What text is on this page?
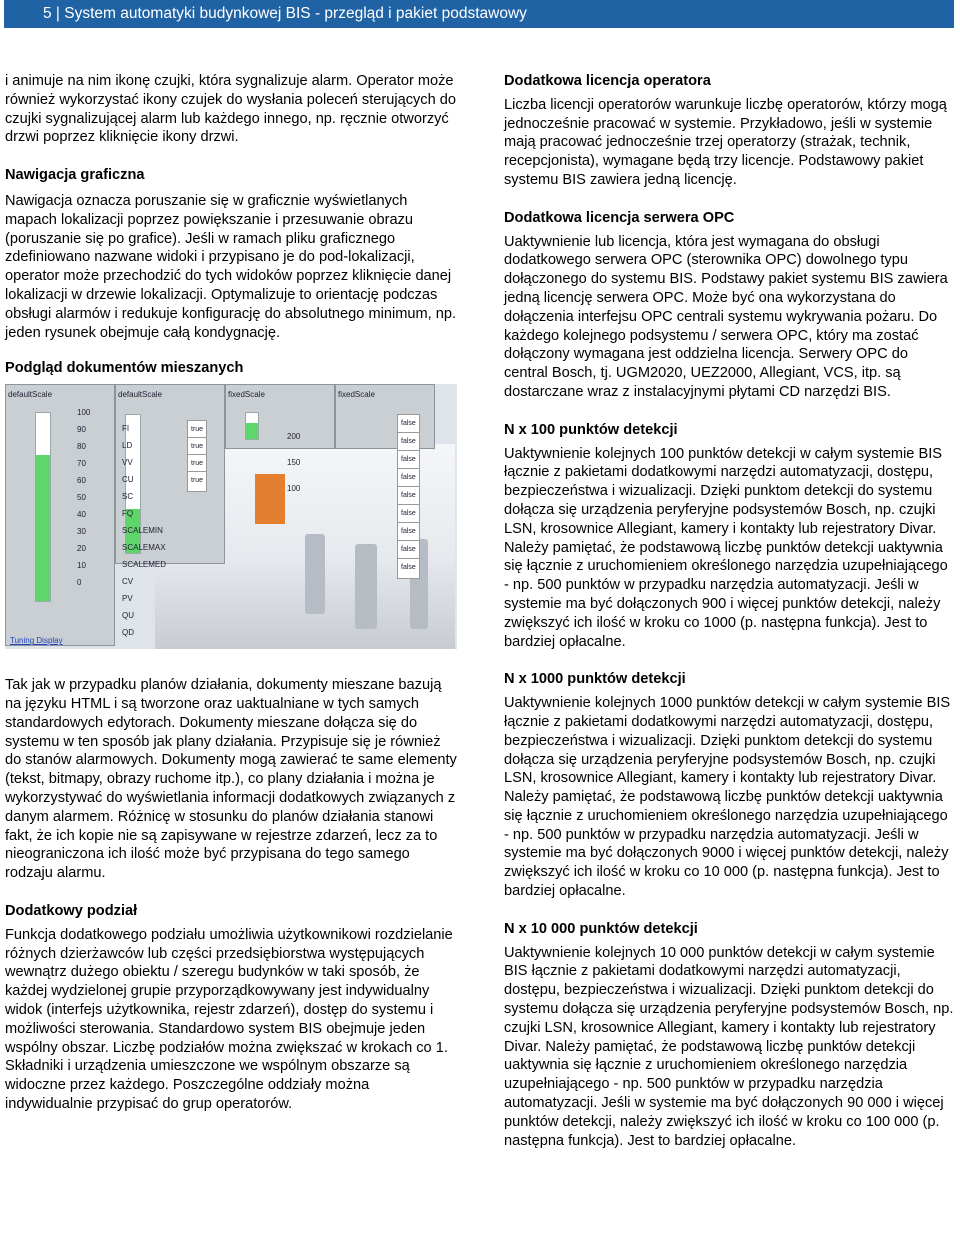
5 | System automatyki budynkowej BIS - przegląd i pakiet podstawowy

i animuje na nim ikonę czujki, która sygnalizuje alarm. Operator może również wykorzystać ikony czujek do wysłania poleceń sterujących do czujki sygnalizującej alarm lub każdego innego, np. ręcznie otworzyć drzwi poprzez kliknięcie ikony drzwi.

Nawigacja graficzna

Nawigacja oznacza poruszanie się w graficznie wyświetlanych mapach lokalizacji poprzez powiększanie i przesuwanie obrazu (poruszanie się po grafice). Jeśli w ramach pliku graficznego zdefiniowano nazwane widoki i przypisano je do pod-lokalizacji, operator może przechodzić do tych widoków poprzez kliknięcie danej lokalizacji w drzewie lokalizacji. Optymalizuje to orientację podczas obsługi alarmów i redukuje konfigurację do absolutnego minimum, np. jeden rysunek obejmuje całą kondygnację.

Podgląd dokumentów mieszanych
defaultScale	defaultScale	fixedScale	fixedScale
100
90
80
70
60
50
40
30
20
10
0
200
150
100
FI
LD
VV
CU
SC
FQ
SCALEMIN
SCALEMAX
SCALEMED
CV
PV
QU
QD
true
true
true
true
false
false
false
false
false
false
false
false
false
Tuning Display

Tak jak w przypadku planów działania, dokumenty mieszane bazują na języku HTML i są tworzone oraz uaktualniane w tych samych standardowych edytorach. Dokumenty mieszane dołącza się do systemu w ten sposób jak plany działania. Przypisuje się je również do stanów alarmowych. Dokumenty mogą zawierać te same elementy (tekst, bitmapy, obrazy ruchome itp.), co plany działania i można je wykorzystywać do wyświetlania informacji dodatkowych związanych z danym alarmem. Różnicę w stosunku do planów działania stanowi fakt, że ich kopie nie są zapisywane w rejestrze zdarzeń, lecz za to nieograniczona ich ilość może być przypisana do tego samego rodzaju alarmu.

Dodatkowy podział

Funkcja dodatkowego podziału umożliwia użytkownikowi rozdzielanie różnych dzierżawców lub części przedsiębiorstwa występujących wewnątrz dużego obiektu / szeregu budynków w taki sposób, że każdej wydzielonej grupie przyporządkowywany jest indywidualny widok (interfejs użytkownika, rejestr zdarzeń), dostęp do systemu i możliwości sterowania. Standardowo system BIS obejmuje jeden wspólny obszar. Liczbę podziałów można zwiększać w krokach co 1. Składniki i urządzenia umieszczone we wspólnym obszarze są widoczne przez każdego. Poszczególne oddziały można indywidualnie przypisać do grup operatorów.

Dodatkowa licencja operatora

Liczba licencji operatorów warunkuje liczbę operatorów, którzy mogą jednocześnie pracować w systemie. Przykładowo, jeśli w systemie mają pracować jednocześnie trzej operatorzy (strażak, technik, recepcjonista), wymagane będą trzy licencje. Podstawowy pakiet systemu BIS zawiera jedną licencję.

Dodatkowa licencja serwera OPC

Uaktywnienie lub licencja, która jest wymagana do obsługi dodatkowego serwera OPC (sterownika OPC) dowolnego typu dołączonego do systemu BIS. Podstawy pakiet systemu BIS zawiera jedną licencję serwera OPC. Może być ona wykorzystana do dołączenia interfejsu OPC centrali systemu wykrywania pożaru. Do każdego kolejnego podsystemu / serwera OPC, który ma zostać dołączony wymagana jest oddzielna licencja. Serwery OPC do central Bosch, tj. UGM2020, UEZ2000, Allegiant, VCS, itp. są dostarczane wraz z instalacyjnymi płytami CD narzędzi BIS.

N x 100 punktów detekcji

Uaktywnienie kolejnych 100 punktów detekcji w całym systemie BIS łącznie z pakietami dodatkowymi narzędzi automatyzacji, dostępu, bezpieczeństwa i wizualizacji. Dzięki punktom detekcji do systemu dołącza się urządzenia peryferyjne podsystemów Bosch, np. czujki LSN, krosownice Allegiant, kamery i kontakty lub rejestratory Divar. Należy pamiętać, że podstawową liczbę punktów detekcji uaktywnia się łącznie z uruchomieniem określonego narzędzia uzupełniającego - np. 500 punktów w przypadku narzędzia automatyzacji. Jeśli w systemie ma być dołączonych 900 i więcej punktów detekcji, należy zwiększyć ich ilość w kroku co 1000 (p. następna funkcja). Jest to bardziej opłacalne.

N x 1000 punktów detekcji

Uaktywnienie kolejnych 1000 punktów detekcji w całym systemie BIS łącznie z pakietami dodatkowymi narzędzi automatyzacji, dostępu, bezpieczeństwa i wizualizacji. Dzięki punktom detekcji do systemu dołącza się urządzenia peryferyjne podsystemów Bosch, np. czujki LSN, krosownice Allegiant, kamery i kontakty lub rejestratory Divar. Należy pamiętać, że podstawową liczbę punktów detekcji uaktywnia się łącznie z uruchomieniem określonego narzędzia uzupełniającego - np. 500 punktów w przypadku narzędzia automatyzacji. Jeśli w systemie ma być dołączonych 9000 i więcej punktów detekcji, należy zwiększyć ich ilość w kroku co 10 000 (p. następna funkcja). Jest to bardziej opłacalne.

N x 10 000 punktów detekcji

Uaktywnienie kolejnych 10 000 punktów detekcji w całym systemie BIS łącznie z pakietami dodatkowymi narzędzi automatyzacji, dostępu, bezpieczeństwa i wizualizacji. Dzięki punktom detekcji do systemu dołącza się urządzenia peryferyjne podsystemów Bosch, np. czujki LSN, krosownice Allegiant, kamery i kontakty lub rejestratory Divar. Należy pamiętać, że podstawową liczbę punktów detekcji uaktywnia się łącznie z uruchomieniem określonego narzędzia uzupełniającego - np. 500 punktów w przypadku narzędzia automatyzacji. Jeśli w systemie ma być dołączonych 90 000 i więcej punktów detekcji, należy zwiększyć ich ilość w kroku co 100 000 (p. następna funkcja). Jest to bardziej opłacalne.
